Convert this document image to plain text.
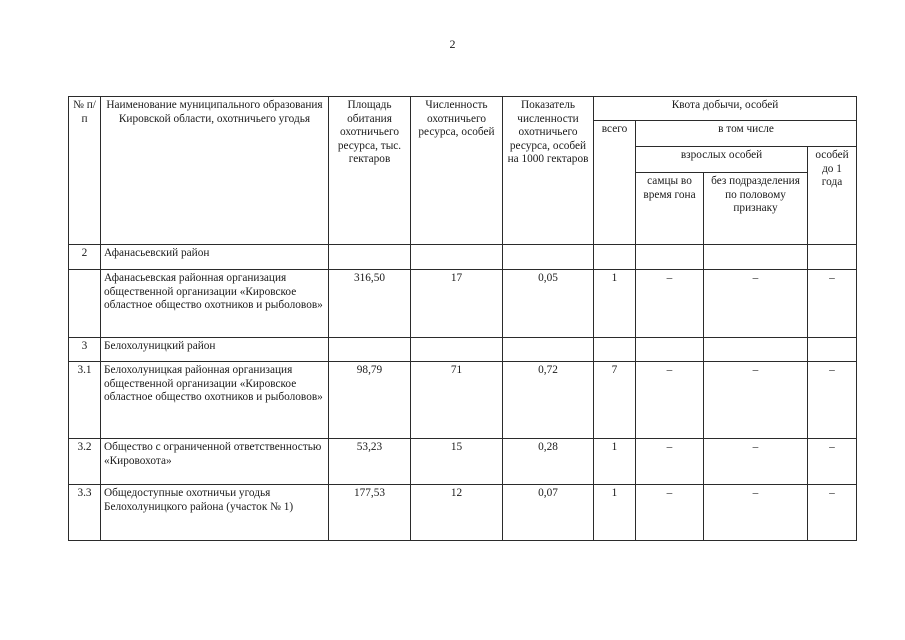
2
№ п/п	Наименование муниципального образования Кировской области, охотничьего угодья	Площадь обитания охотничьего ресурса, тыс. гектаров	Численность охотничьего ресурса, особей	Показатель численности охотничьего ресурса, особей на 1000 гектаров	Квота добычи, особей			
					всего	в том числе		
						взрослых особей		особей до 1 года
						самцы во время гона	без подразделения по половому признаку	
2	Афанасьевский район							
	Афанасьевская районная организация общественной организации «Кировское областное общество охотников и рыболовов»	316,50	17	0,05	1	–	–	–
3	Белохолуницкий район							
3.1	Белохолуницкая районная организация общественной организации «Кировское областное общество охотников и рыболовов»	98,79	71	0,72	7	–	–	–
3.2	Общество с ограниченной ответственностью «Кировохота»	53,23	15	0,28	1	–	–	–
3.3	Общедоступные охотничьи угодья Белохолуницкого района (участок № 1)	177,53	12	0,07	1	–	–	–
